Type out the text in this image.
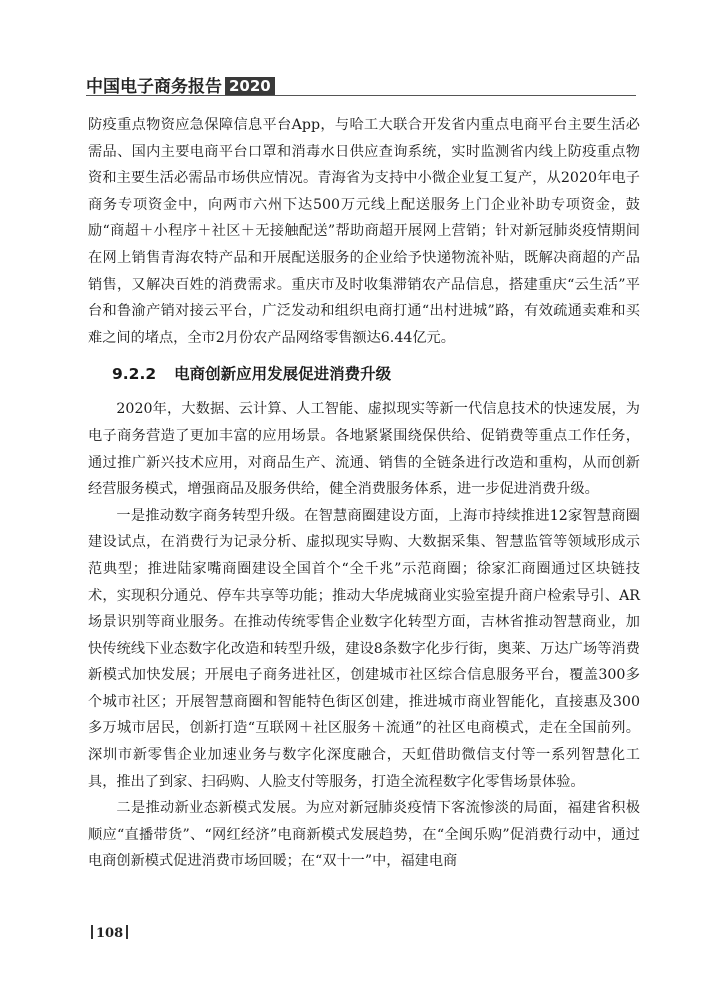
中国电子商务报告 2020

防疫重点物资应急保障信息平台App，与哈工大联合开发省内重点电商平台主要生活必需品、国内主要电商平台口罩和消毒水日供应查询系统，实时监测省内线上防疫重点物资和主要生活必需品市场供应情况。青海省为支持中小微企业复工复产，从2020年电子商务专项资金中，向两市六州下达500万元线上配送服务上门企业补助专项资金，鼓励“商超＋小程序＋社区＋无接触配送”帮助商超开展网上营销；针对新冠肺炎疫情期间在网上销售青海农特产品和开展配送服务的企业给予快递物流补贴，既解决商超的产品销售，又解决百姓的消费需求。重庆市及时收集滞销农产品信息，搭建重庆“云生活”平台和鲁渝产销对接云平台，广泛发动和组织电商打通“出村进城”路，有效疏通卖难和买难之间的堵点，全市2月份农产品网络零售额达6.44亿元。

9.2.2 电商创新应用发展促进消费升级

2020年，大数据、云计算、人工智能、虚拟现实等新一代信息技术的快速发展，为电子商务营造了更加丰富的应用场景。各地紧紧围绕保供给、促销费等重点工作任务，通过推广新兴技术应用，对商品生产、流通、销售的全链条进行改造和重构，从而创新经营服务模式，增强商品及服务供给，健全消费服务体系，进一步促进消费升级。

一是推动数字商务转型升级。在智慧商圈建设方面，上海市持续推进12家智慧商圈建设试点，在消费行为记录分析、虚拟现实导购、大数据采集、智慧监管等领域形成示范典型；推进陆家嘴商圈建设全国首个“全千兆”示范商圈；徐家汇商圈通过区块链技术，实现积分通兑、停车共享等功能；推动大华虎城商业实验室提升商户检索导引、AR场景识别等商业服务。在推动传统零售企业数字化转型方面，吉林省推动智慧商业，加快传统线下业态数字化改造和转型升级，建设8条数字化步行街，奥莱、万达广场等消费新模式加快发展；开展电子商务进社区，创建城市社区综合信息服务平台，覆盖300多个城市社区；开展智慧商圈和智能特色街区创建，推进城市商业智能化，直接惠及300多万城市居民，创新打造“互联网＋社区服务＋流通”的社区电商模式，走在全国前列。深圳市新零售企业加速业务与数字化深度融合，天虹借助微信支付等一系列智慧化工具，推出了到家、扫码购、人脸支付等服务，打造全流程数字化零售场景体验。

二是推动新业态新模式发展。为应对新冠肺炎疫情下客流惨淡的局面，福建省积极顺应“直播带货”、“网红经济”电商新模式发展趋势，在“全闽乐购”促消费行动中，通过电商创新模式促进消费市场回暖；在“双十一”中，福建电商

108
